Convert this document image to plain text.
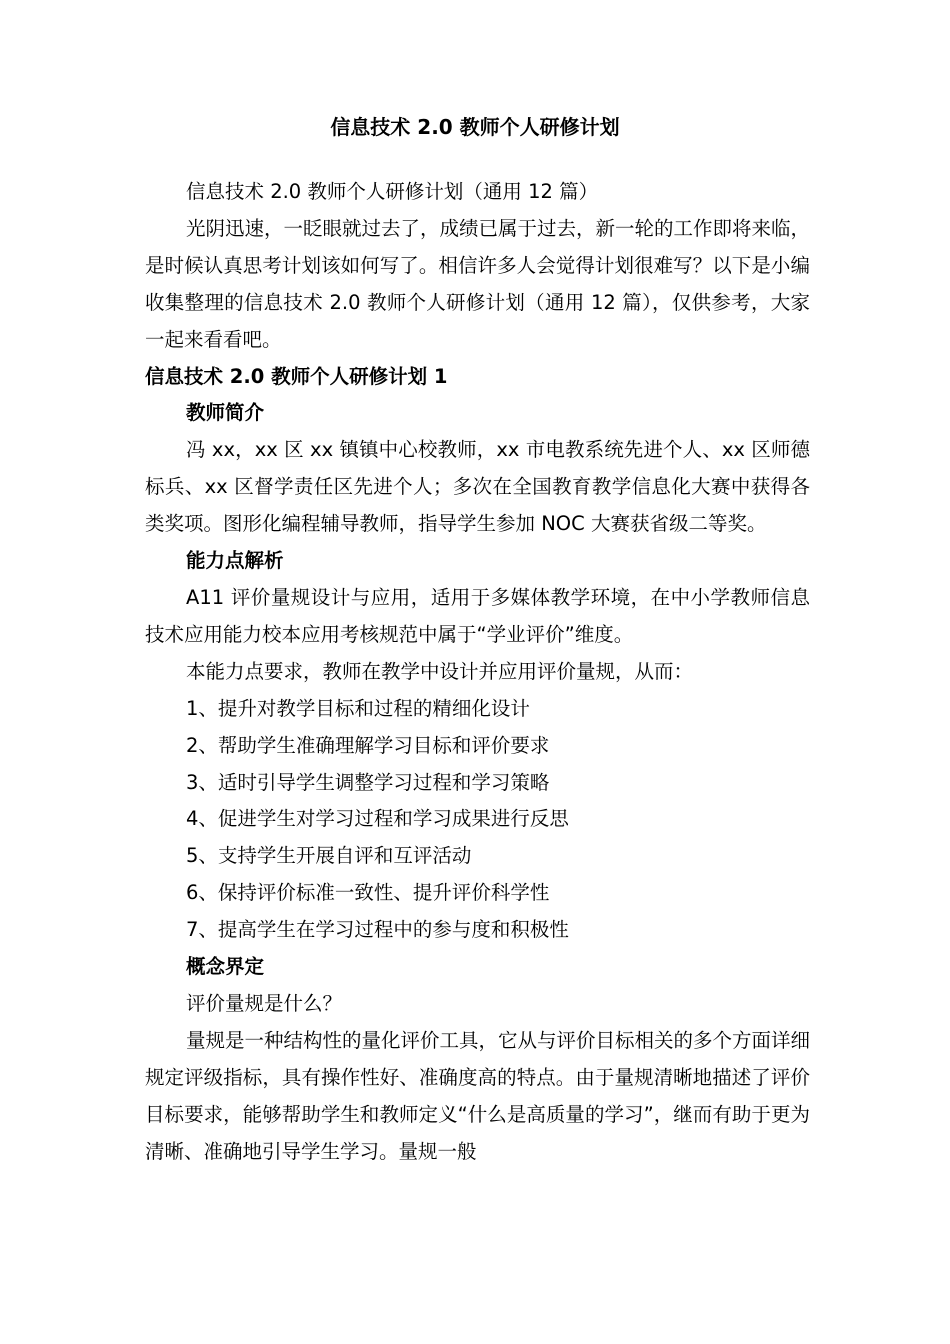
信息技术 2.0 教师个人研修计划

信息技术 2.0 教师个人研修计划（通用 12 篇）

光阴迅速，一眨眼就过去了，成绩已属于过去，新一轮的工作即将来临，是时候认真思考计划该如何写了。相信许多人会觉得计划很难写？以下是小编收集整理的信息技术 2.0 教师个人研修计划（通用 12 篇），仅供参考，大家一起来看看吧。

信息技术 2.0 教师个人研修计划 1

教师简介

冯 xx，xx 区 xx 镇镇中心校教师，xx 市电教系统先进个人、xx 区师德标兵、xx 区督学责任区先进个人；多次在全国教育教学信息化大赛中获得各类奖项。图形化编程辅导教师，指导学生参加 NOC 大赛获省级二等奖。

能力点解析

A11 评价量规设计与应用，适用于多媒体教学环境，在中小学教师信息技术应用能力校本应用考核规范中属于“学业评价”维度。

本能力点要求，教师在教学中设计并应用评价量规，从而：

1、提升对教学目标和过程的精细化设计

2、帮助学生准确理解学习目标和评价要求

3、适时引导学生调整学习过程和学习策略

4、促进学生对学习过程和学习成果进行反思

5、支持学生开展自评和互评活动

6、保持评价标准一致性、提升评价科学性

7、提高学生在学习过程中的参与度和积极性

概念界定

评价量规是什么？

量规是一种结构性的量化评价工具，它从与评价目标相关的多个方面详细规定评级指标，具有操作性好、准确度高的特点。由于量规清晰地描述了评价目标要求，能够帮助学生和教师定义“什么是高质量的学习”，继而有助于更为清晰、准确地引导学生学习。量规一般
